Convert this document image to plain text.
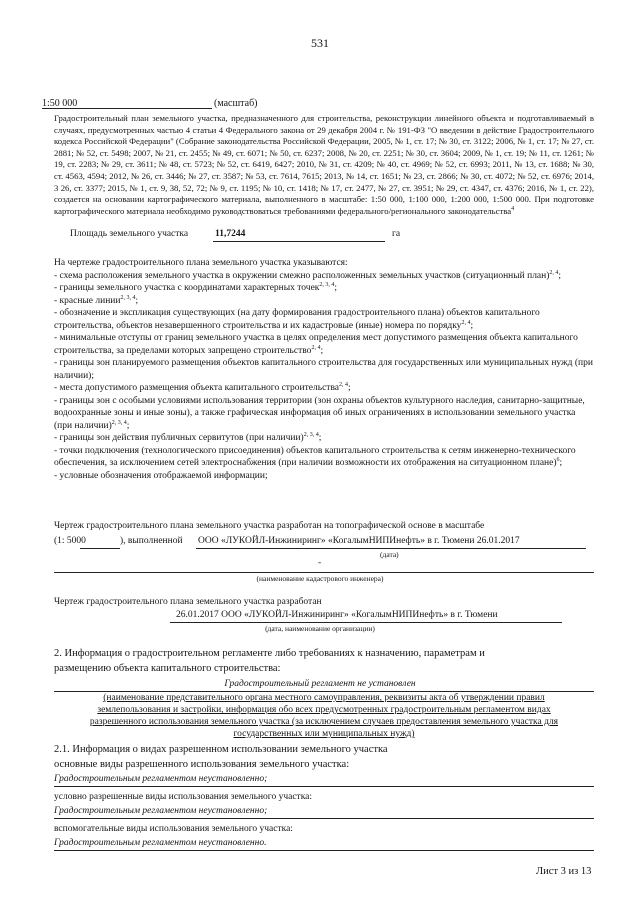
531
1:50 000	(масштаб)
Градостроительный план земельного участка, предназначенного для строительства, реконструкции линейного объекта и подготавливаемый в случаях, предусмотренных частью 4 статьи 4 Федерального закона от 29 декабря 2004 г. № 191-ФЗ "О введении в действие Градостроительного кодекса Российской Федерации" (Собрание законодательства Российской Федерации, 2005, № 1, ст. 17; № 30, ст. 3122; 2006, № 1, ст. 17; № 27, ст. 2881; № 52, ст. 5498; 2007, № 21, ст. 2455; № 49, ст. 6071; № 50, ст. 6237; 2008, № 20, ст. 2251; № 30, ст. 3604; 2009, № 1, ст. 19; № 11, ст. 1261; № 19, ст. 2283; № 29, ст. 3611; № 48, ст. 5723; № 52, ст. 6419, 6427; 2010, № 31, ст. 4209; № 40, ст. 4969; № 52, ст. 6993; 2011, № 13, ст. 1688; № 30, ст. 4563, 4594; 2012, № 26, ст. 3446; № 27, ст. 3587; № 53, ст. 7614, 7615; 2013, № 14, ст. 1651; № 23, ст. 2866; № 30, ст. 4072; № 52, ст. 6976; 2014, 3 26, ст. 3377; 2015, № 1, ст. 9, 38, 52, 72; № 9, ст. 1195; № 10, ст. 1418; № 17, ст. 2477, № 27, ст. 3951; № 29, ст. 4347, ст. 4376; 2016, № 1, ст. 22), создается на основании картографического материала, выполненного в масштабе: 1:50 000, 1:100 000, 1:200 000, 1:500 000. При подготовке картографического материала необходимо руководствоваться требованиями федерального/регионального законодательства$^4$
Площадь земельного участка	11,7244	га
На чертеже градостроительного плана земельного участка указываются:
- схема расположения земельного участка в окружении смежно расположенных земельных участков (ситуационный план)$^{2, 4}$;
- границы земельного участка с координатами характерных точек$^{2, 3, 4}$;
- красные линии$^{2, 3, 4}$;
- обозначение и экспликация существующих (на дату формирования градостроительного плана) объектов капитального строительства, объектов незавершенного строительства и их кадастровые (иные) номера по порядку$^{2, 4}$;
- минимальные отступы от границ земельного участка в целях определения мест допустимого размещения объекта капитального строительства, за пределами которых запрещено строительство$^{2, 4}$;
- границы зон планируемого размещения объектов капитального строительства для государственных или муниципальных нужд (при наличии);
- места допустимого размещения объекта капитального строительства$^{2, 4}$;
- границы зон с особыми условиями использования территории (зон охраны объектов культурного наследия, санитарно-защитные, водоохранные зоны и иные зоны), а также графическая информация об иных ограничениях в использовании земельного участка (при наличии)$^{2, 3, 4}$;
- границы зон действия публичных сервитутов (при наличии)$^{2, 3, 4}$;
- точки подключения (технологического присоединения) объектов капитального строительства к сетям инженерно-технического обеспечения, за исключением сетей электроснабжения (при наличии возможности их отображения на ситуационном плане)$^6$;
- условные обозначения отображаемой информации;
Чертеж градостроительного плана земельного участка разработан на топографической основе в масштабе
(1: 5000	), выполненной ООО «ЛУКОЙЛ-Инжиниринг» «КогалымНИПИнефть» в г. Тюмени 26.01.2017
(дата)
-
(наименование кадастрового инженера)
Чертеж градостроительного плана земельного участка разработан
26.01.2017 ООО «ЛУКОЙЛ-Инжиниринг» «КогалымНИПИнефть» в г. Тюмени
(дата, наименование организации)
2. Информация о градостроительном регламенте либо требованиях к назначению, параметрам и
размещению объекта капитального строительства:
Градостроительный регламент не установлен
(наименование представительного органа местного самоуправления, реквизиты акта об утверждении правил
землепользования и застройки, информация обо всех предусмотренных градостроительным регламентом видах
разрешенного использования земельного участка (за исключением случаев предоставления земельного участка для
государственных или муниципальных нужд)
2.1. Информация о видах разрешенном использовании земельного участка
основные виды разрешенного использования земельного участка:
Градостроительным регламентом неустановленно;
условно разрешенные виды использования земельного участка:
Градостроительным регламентом неустановленно;
вспомогательные виды использования земельного участка:
Градостроительным регламентом неустановленно.
Лист 3 из 13
